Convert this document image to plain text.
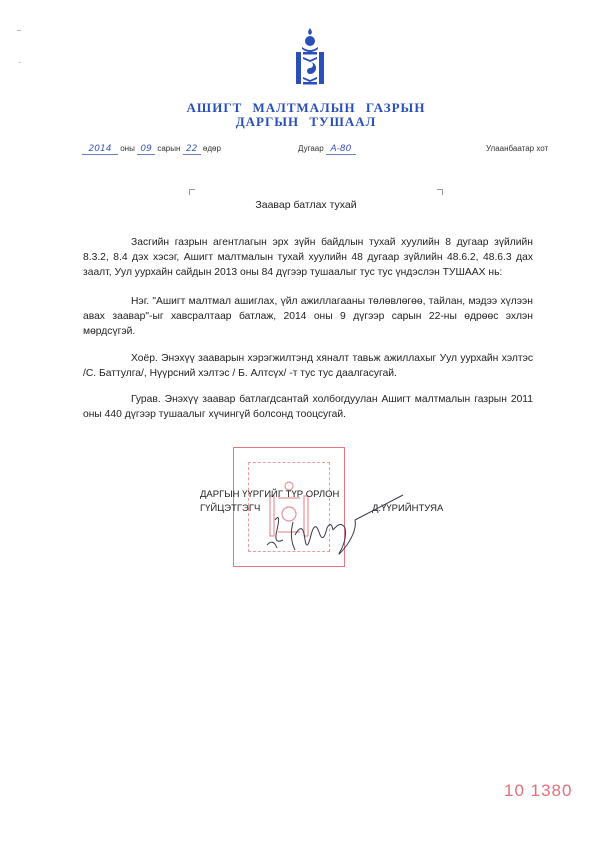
АШИГТ МАЛТМАЛЫН ГАЗРЫН
ДАРГЫН ТУШААЛ
2014 оны 09 сарын 22 өдөр	Дугаар А-80	Улаанбаатар хот
Заавар батлах тухай
Засгийн газрын агентлагын эрх зүйн байдлын тухай хуулийн 8 дугаар зүйлийн 8.3.2, 8.4 дэх хэсэг, Ашигт малтмалын тухай хуулийн 48 дугаар зүйлийн 48.6.2, 48.6.3 дах заалт, Уул уурхайн сайдын 2013 оны 84 дүгээр тушаалыг тус тус үндэслэн ТУШААХ нь:
Нэг. "Ашигт малтмал ашиглах, үйл ажиллагааны төлөвлөгөө, тайлан, мэдээ хүлээн авах заавар"-ыг хавсралтаар батлаж, 2014 оны 9 дүгээр сарын 22-ны өдрөөс эхлэн мөрдсүгэй.
Хоёр. Энэхүү зааварын хэрэгжилтэнд хяналт тавьж ажиллахыг Уул уурхайн хэлтэс /С. Баттулга/, Нүүрсний хэлтэс / Б. Алтсүх/ -т тус тус даалгасугай.
Гурав. Энэхүү заавар батлагдсантай холбогдуулан Ашигт малтмалын газрын 2011 оны 440 дүгээр тушаалыг хүчингүй болсонд тооцсугай.
ДАРГЫН ҮҮРГИЙГ ТҮР ОРЛОН
ГҮЙЦЭТГЭГЧ	Д.ҮҮРИЙНТУЯА
10 1380
